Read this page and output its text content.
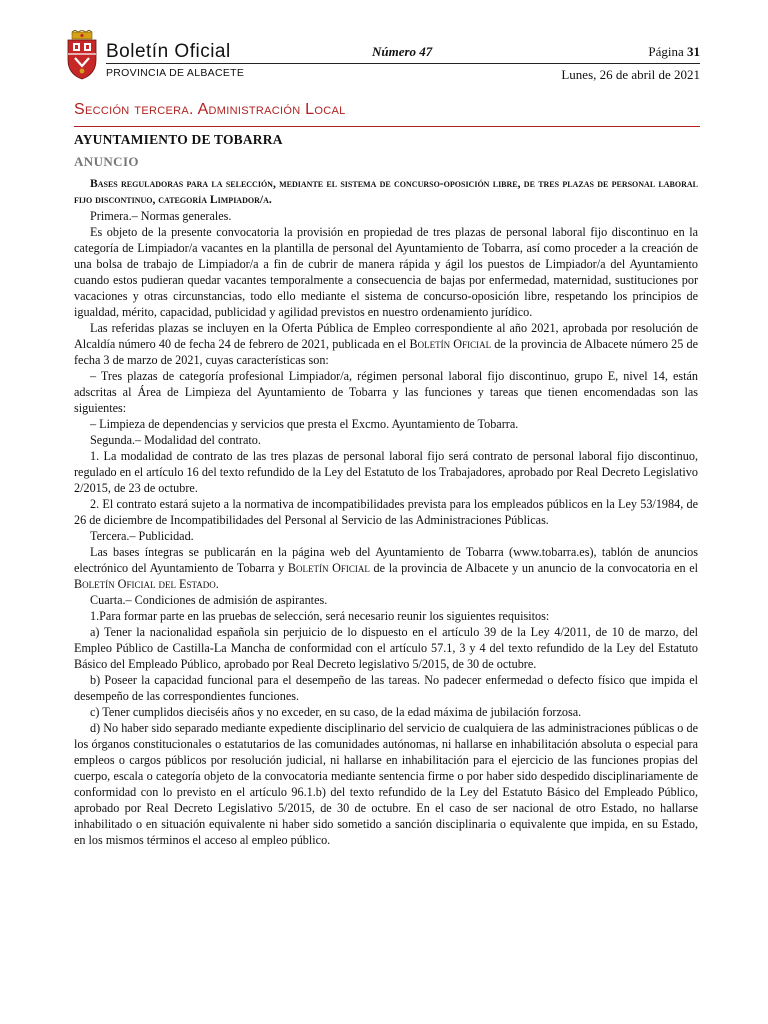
Boletín Oficial
PROVINCIA DE ALBACETE
Número 47	Página 31
Lunes, 26 de abril de 2021
Sección tercera. Administración Local

AYUNTAMIENTO DE TOBARRA

ANUNCIO

Bases reguladoras para la selección, mediante el sistema de concurso-oposición libre, de tres plazas de personal laboral fijo discontinuo, categoría Limpiador/a.

Primera.– Normas generales.

Es objeto de la presente convocatoria la provisión en propiedad de tres plazas de personal laboral fijo discontinuo en la categoría de Limpiador/a vacantes en la plantilla de personal del Ayuntamiento de Tobarra, así como proceder a la creación de una bolsa de trabajo de Limpiador/a a fin de cubrir de manera rápida y ágil los puestos de Limpiador/a del Ayuntamiento cuando estos pudieran quedar vacantes temporalmente a consecuencia de bajas por enfermedad, maternidad, sustituciones por vacaciones y otras circunstancias, todo ello mediante el sistema de concurso-oposición libre, respetando los principios de igualdad, mérito, capacidad, publicidad y agilidad previstos en nuestro ordenamiento jurídico.

Las referidas plazas se incluyen en la Oferta Pública de Empleo correspondiente al año 2021, aprobada por resolución de Alcaldía número 40 de fecha 24 de febrero de 2021, publicada en el Boletín Oficial de la provincia de Albacete número 25 de fecha 3 de marzo de 2021, cuyas características son:

– Tres plazas de categoría profesional Limpiador/a, régimen personal laboral fijo discontinuo, grupo E, nivel 14, están adscritas al Área de Limpieza del Ayuntamiento de Tobarra y las funciones y tareas que tienen encomendadas son las siguientes:

– Limpieza de dependencias y servicios que presta el Excmo. Ayuntamiento de Tobarra.

Segunda.– Modalidad del contrato.

1. La modalidad de contrato de las tres plazas de personal laboral fijo será contrato de personal laboral fijo discontinuo, regulado en el artículo 16 del texto refundido de la Ley del Estatuto de los Trabajadores, aprobado por Real Decreto Legislativo 2/2015, de 23 de octubre.

2. El contrato estará sujeto a la normativa de incompatibilidades prevista para los empleados públicos en la Ley 53/1984, de 26 de diciembre de Incompatibilidades del Personal al Servicio de las Administraciones Públicas.

Tercera.– Publicidad.

Las bases íntegras se publicarán en la página web del Ayuntamiento de Tobarra (www.tobarra.es), tablón de anuncios electrónico del Ayuntamiento de Tobarra y Boletín Oficial de la provincia de Albacete y un anuncio de la convocatoria en el Boletín Oficial del Estado.

Cuarta.– Condiciones de admisión de aspirantes.

1.Para formar parte en las pruebas de selección, será necesario reunir los siguientes requisitos:

a) Tener la nacionalidad española sin perjuicio de lo dispuesto en el artículo 39 de la Ley 4/2011, de 10 de marzo, del Empleo Público de Castilla-La Mancha de conformidad con el artículo 57.1, 3 y 4 del texto refundido de la Ley del Estatuto Básico del Empleado Público, aprobado por Real Decreto legislativo 5/2015, de 30 de octubre.

b) Poseer la capacidad funcional para el desempeño de las tareas. No padecer enfermedad o defecto físico que impida el desempeño de las correspondientes funciones.

c) Tener cumplidos dieciséis años y no exceder, en su caso, de la edad máxima de jubilación forzosa.

d) No haber sido separado mediante expediente disciplinario del servicio de cualquiera de las administraciones públicas o de los órganos constitucionales o estatutarios de las comunidades autónomas, ni hallarse en inhabilitación absoluta o especial para empleos o cargos públicos por resolución judicial, ni hallarse en inhabilitación para el ejercicio de las funciones propias del cuerpo, escala o categoría objeto de la convocatoria mediante sentencia firme o por haber sido despedido disciplinariamente de conformidad con lo previsto en el artículo 96.1.b) del texto refundido de la Ley del Estatuto Básico del Empleado Público, aprobado por Real Decreto Legislativo 5/2015, de 30 de octubre. En el caso de ser nacional de otro Estado, no hallarse inhabilitado o en situación equivalente ni haber sido sometido a sanción disciplinaria o equivalente que impida, en su Estado, en los mismos términos el acceso al empleo público.
